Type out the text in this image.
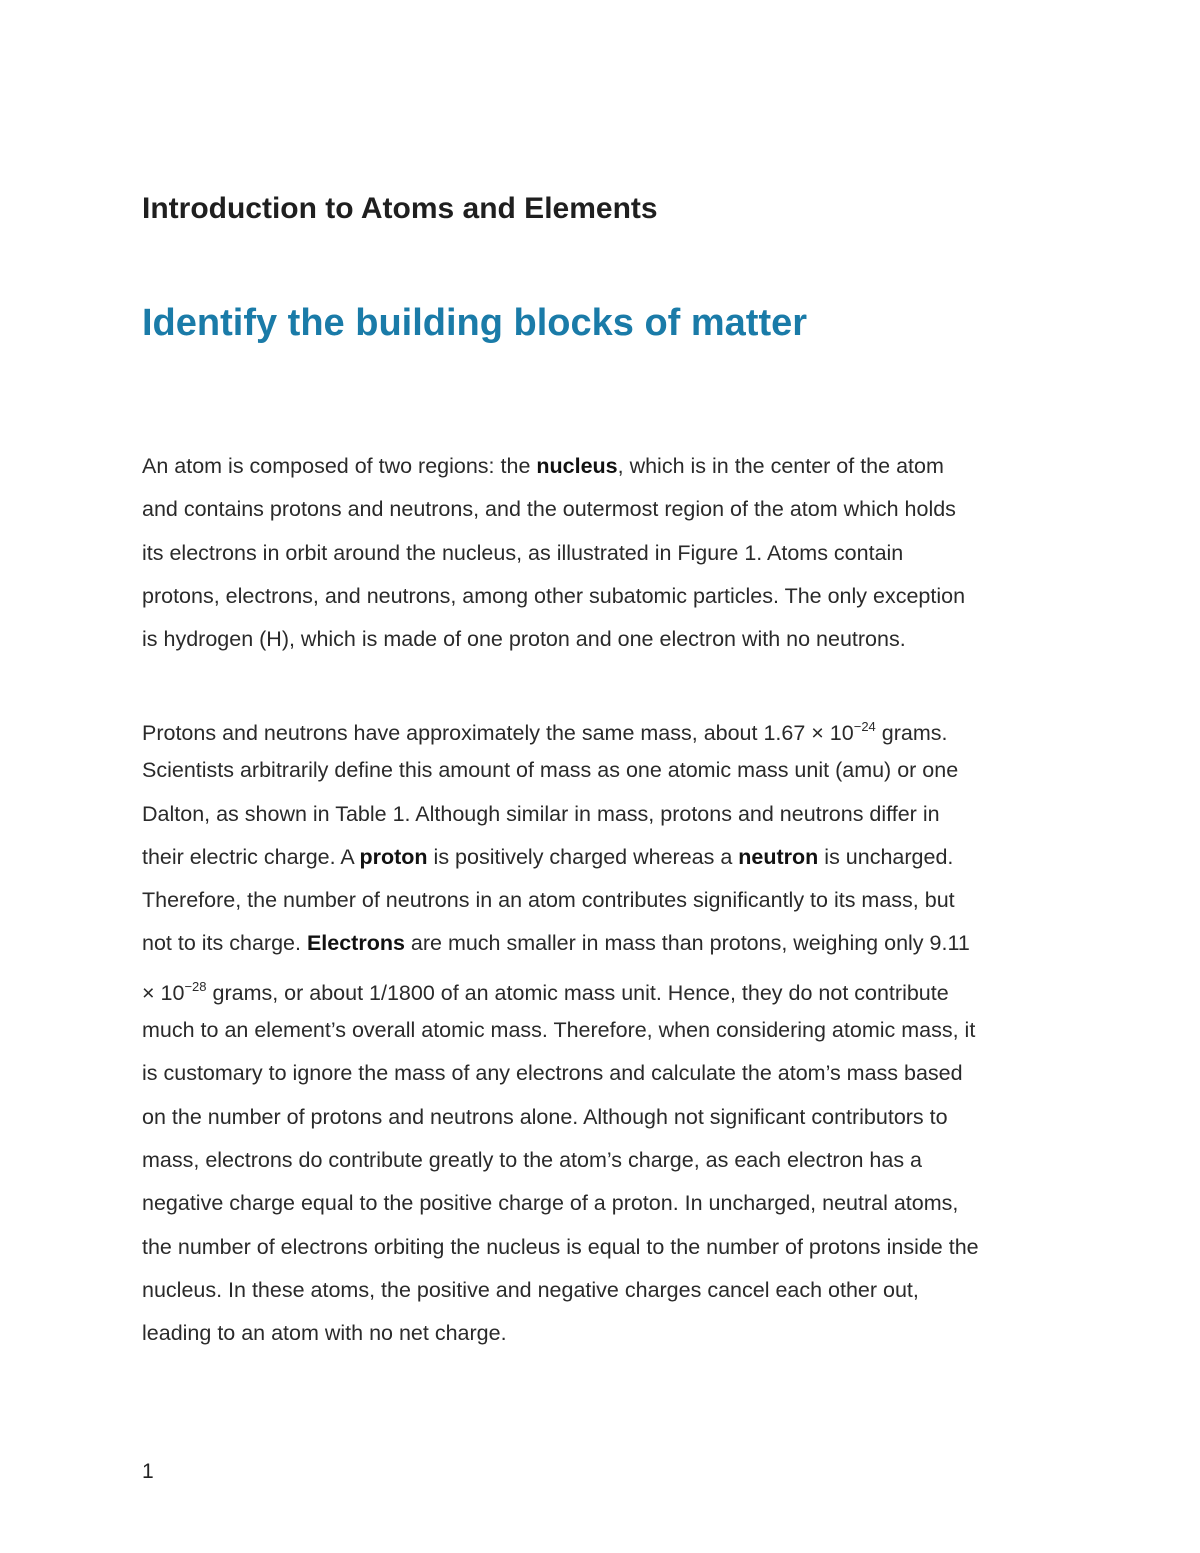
Introduction to Atoms and Elements
Identify the building blocks of matter
An atom is composed of two regions: the nucleus, which is in the center of the atom
and contains protons and neutrons, and the outermost region of the atom which holds
its electrons in orbit around the nucleus, as illustrated in Figure 1. Atoms contain
protons, electrons, and neutrons, among other subatomic particles. The only exception
is hydrogen (H), which is made of one proton and one electron with no neutrons.
Protons and neutrons have approximately the same mass, about $1.67 \times 10^{-24}$ grams.
Scientists arbitrarily define this amount of mass as one atomic mass unit (amu) or one
Dalton, as shown in Table 1. Although similar in mass, protons and neutrons differ in
their electric charge. A proton is positively charged whereas a neutron is uncharged.
Therefore, the number of neutrons in an atom contributes significantly to its mass, but
not to its charge. Electrons are much smaller in mass than protons, weighing only 9.11
× $10^{-28}$ grams, or about 1/1800 of an atomic mass unit. Hence, they do not contribute
much to an element’s overall atomic mass. Therefore, when considering atomic mass, it
is customary to ignore the mass of any electrons and calculate the atom’s mass based
on the number of protons and neutrons alone. Although not significant contributors to
mass, electrons do contribute greatly to the atom’s charge, as each electron has a
negative charge equal to the positive charge of a proton. In uncharged, neutral atoms,
the number of electrons orbiting the nucleus is equal to the number of protons inside the
nucleus. In these atoms, the positive and negative charges cancel each other out,
leading to an atom with no net charge.
1
